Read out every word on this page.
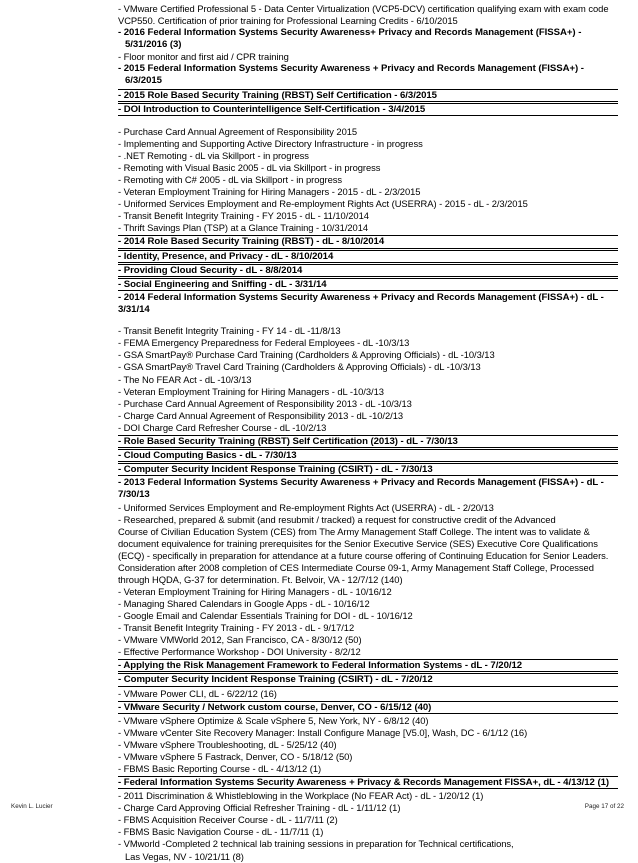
- VMware Certified Professional 5 - Data Center Virtualization (VCP5-DCV) certification qualifying exam with exam code
VCP550. Certification of prior training for Professional Learning Credits - 6/10/2015
- 2016 Federal Information Systems Security Awareness+ Privacy and Records Management (FISSA+) -
5/31/2016 (3)
- Floor monitor and first aid / CPR training
- 2015 Federal Information Systems Security Awareness + Privacy and Records Management (FISSA+) -
6/3/2015
- 2015 Role Based Security Training (RBST) Self Certification - 6/3/2015
- DOI Introduction to Counterintelligence Self-Certification - 3/4/2015
- Purchase Card Annual Agreement of Responsibility 2015
- Implementing and Supporting Active Directory Infrastructure - in progress
- .NET Remoting - dL via Skillport - in progress
- Remoting with Visual Basic 2005 - dL via Skillport - in progress
- Remoting with C# 2005 - dL via Skillport - in progress
- Veteran Employment Training for Hiring Managers - 2015 - dL - 2/3/2015
- Uniformed Services Employment and Re-employment Rights Act (USERRA) - 2015 - dL - 2/3/2015
- Transit Benefit Integrity Training - FY 2015 - dL - 11/10/2014
- Thrift Savings Plan (TSP) at a Glance Training - 10/31/2014
- 2014 Role Based Security Training (RBST) - dL - 8/10/2014
- Identity, Presence, and Privacy - dL - 8/10/2014
- Providing Cloud Security - dL - 8/8/2014
- Social Engineering and Sniffing - dL - 3/31/14
- 2014 Federal Information Systems Security Awareness + Privacy and Records Management (FISSA+) - dL -
3/31/14
- Transit Benefit Integrity Training - FY 14 - dL -11/8/13
- FEMA Emergency Preparedness for Federal Employees - dL -10/3/13
- GSA SmartPay® Purchase Card Training (Cardholders & Approving Officials) - dL -10/3/13
- GSA SmartPay® Travel Card Training (Cardholders & Approving Officials) - dL -10/3/13
- The No FEAR Act - dL -10/3/13
- Veteran Employment Training for Hiring Managers - dL -10/3/13
- Purchase Card Annual Agreement of Responsibility 2013 - dL -10/3/13
- Charge Card Annual Agreement of Responsibility 2013 - dL -10/2/13
- DOI Charge Card Refresher Course - dL -10/2/13
- Role Based Security Training (RBST) Self Certification (2013) - dL - 7/30/13
- Cloud Computing Basics - dL - 7/30/13
- Computer Security Incident Response Training (CSIRT) - dL - 7/30/13
- 2013 Federal Information Systems Security Awareness + Privacy and Records Management (FISSA+) - dL -
7/30/13
- Uniformed Services Employment and Re-employment Rights Act (USERRA) - dL - 2/20/13
- Researched, prepared & submit (and resubmit / tracked) a request for constructive credit of the Advanced
Course of Civilian Education System (CES) from The Army Management Staff College. The intent was to validate &
document equivalence for training prerequisites for the Senior Executive Service (SES) Executive Core Qualifications
(ECQ) - specifically in preparation for attendance at a future course offering of Continuing Education for Senior Leaders.
Consideration after 2008 completion of CES Intermediate Course 09-1, Army Management Staff College, Processed
through HQDA, G-37 for determination. Ft. Belvoir, VA - 12/7/12 (140)
- Veteran Employment Training for Hiring Managers - dL - 10/16/12
- Managing Shared Calendars in Google Apps - dL - 10/16/12
- Google Email and Calendar Essentials Training for DOI - dL - 10/16/12
- Transit Benefit Integrity Training - FY 2013 - dL - 9/17/12
- VMware VMWorld 2012, San Francisco, CA - 8/30/12 (50)
- Effective Performance Workshop - DOI University - 8/2/12
- Applying the Risk Management Framework to Federal Information Systems - dL - 7/20/12
- Computer Security Incident Response Training (CSIRT) - dL - 7/20/12
- VMware Power CLI, dL - 6/22/12 (16)
- VMware Security / Network custom course, Denver, CO - 6/15/12 (40)
- VMware vSphere Optimize & Scale vSphere 5, New York, NY - 6/8/12 (40)
- VMware vCenter Site Recovery Manager: Install Configure Manage [V5.0], Wash, DC - 6/1/12 (16)
- VMware vSphere Troubleshooting, dL - 5/25/12 (40)
- VMware vSphere 5 Fastrack, Denver, CO - 5/18/12 (50)
- FBMS Basic Reporting Course - dL - 4/13/12 (1)
- Federal Information Systems Security Awareness + Privacy & Records Management FISSA+, dL - 4/13/12 (1)
- 2011 Discrimination & Whistleblowing in the Workplace (No FEAR Act) - dL - 1/20/12 (1)
- Charge Card Approving Official Refresher Training - dL - 1/11/12 (1)
- FBMS Acquisition Receiver Course - dL - 11/7/11 (2)
- FBMS Basic Navigation Course - dL - 11/7/11 (1)
- VMworld -Completed 2 technical lab training sessions in preparation for Technical certifications,
Las Vegas, NV - 10/21/11 (8)
Kevin L. Lucier	Page 17 of 22
